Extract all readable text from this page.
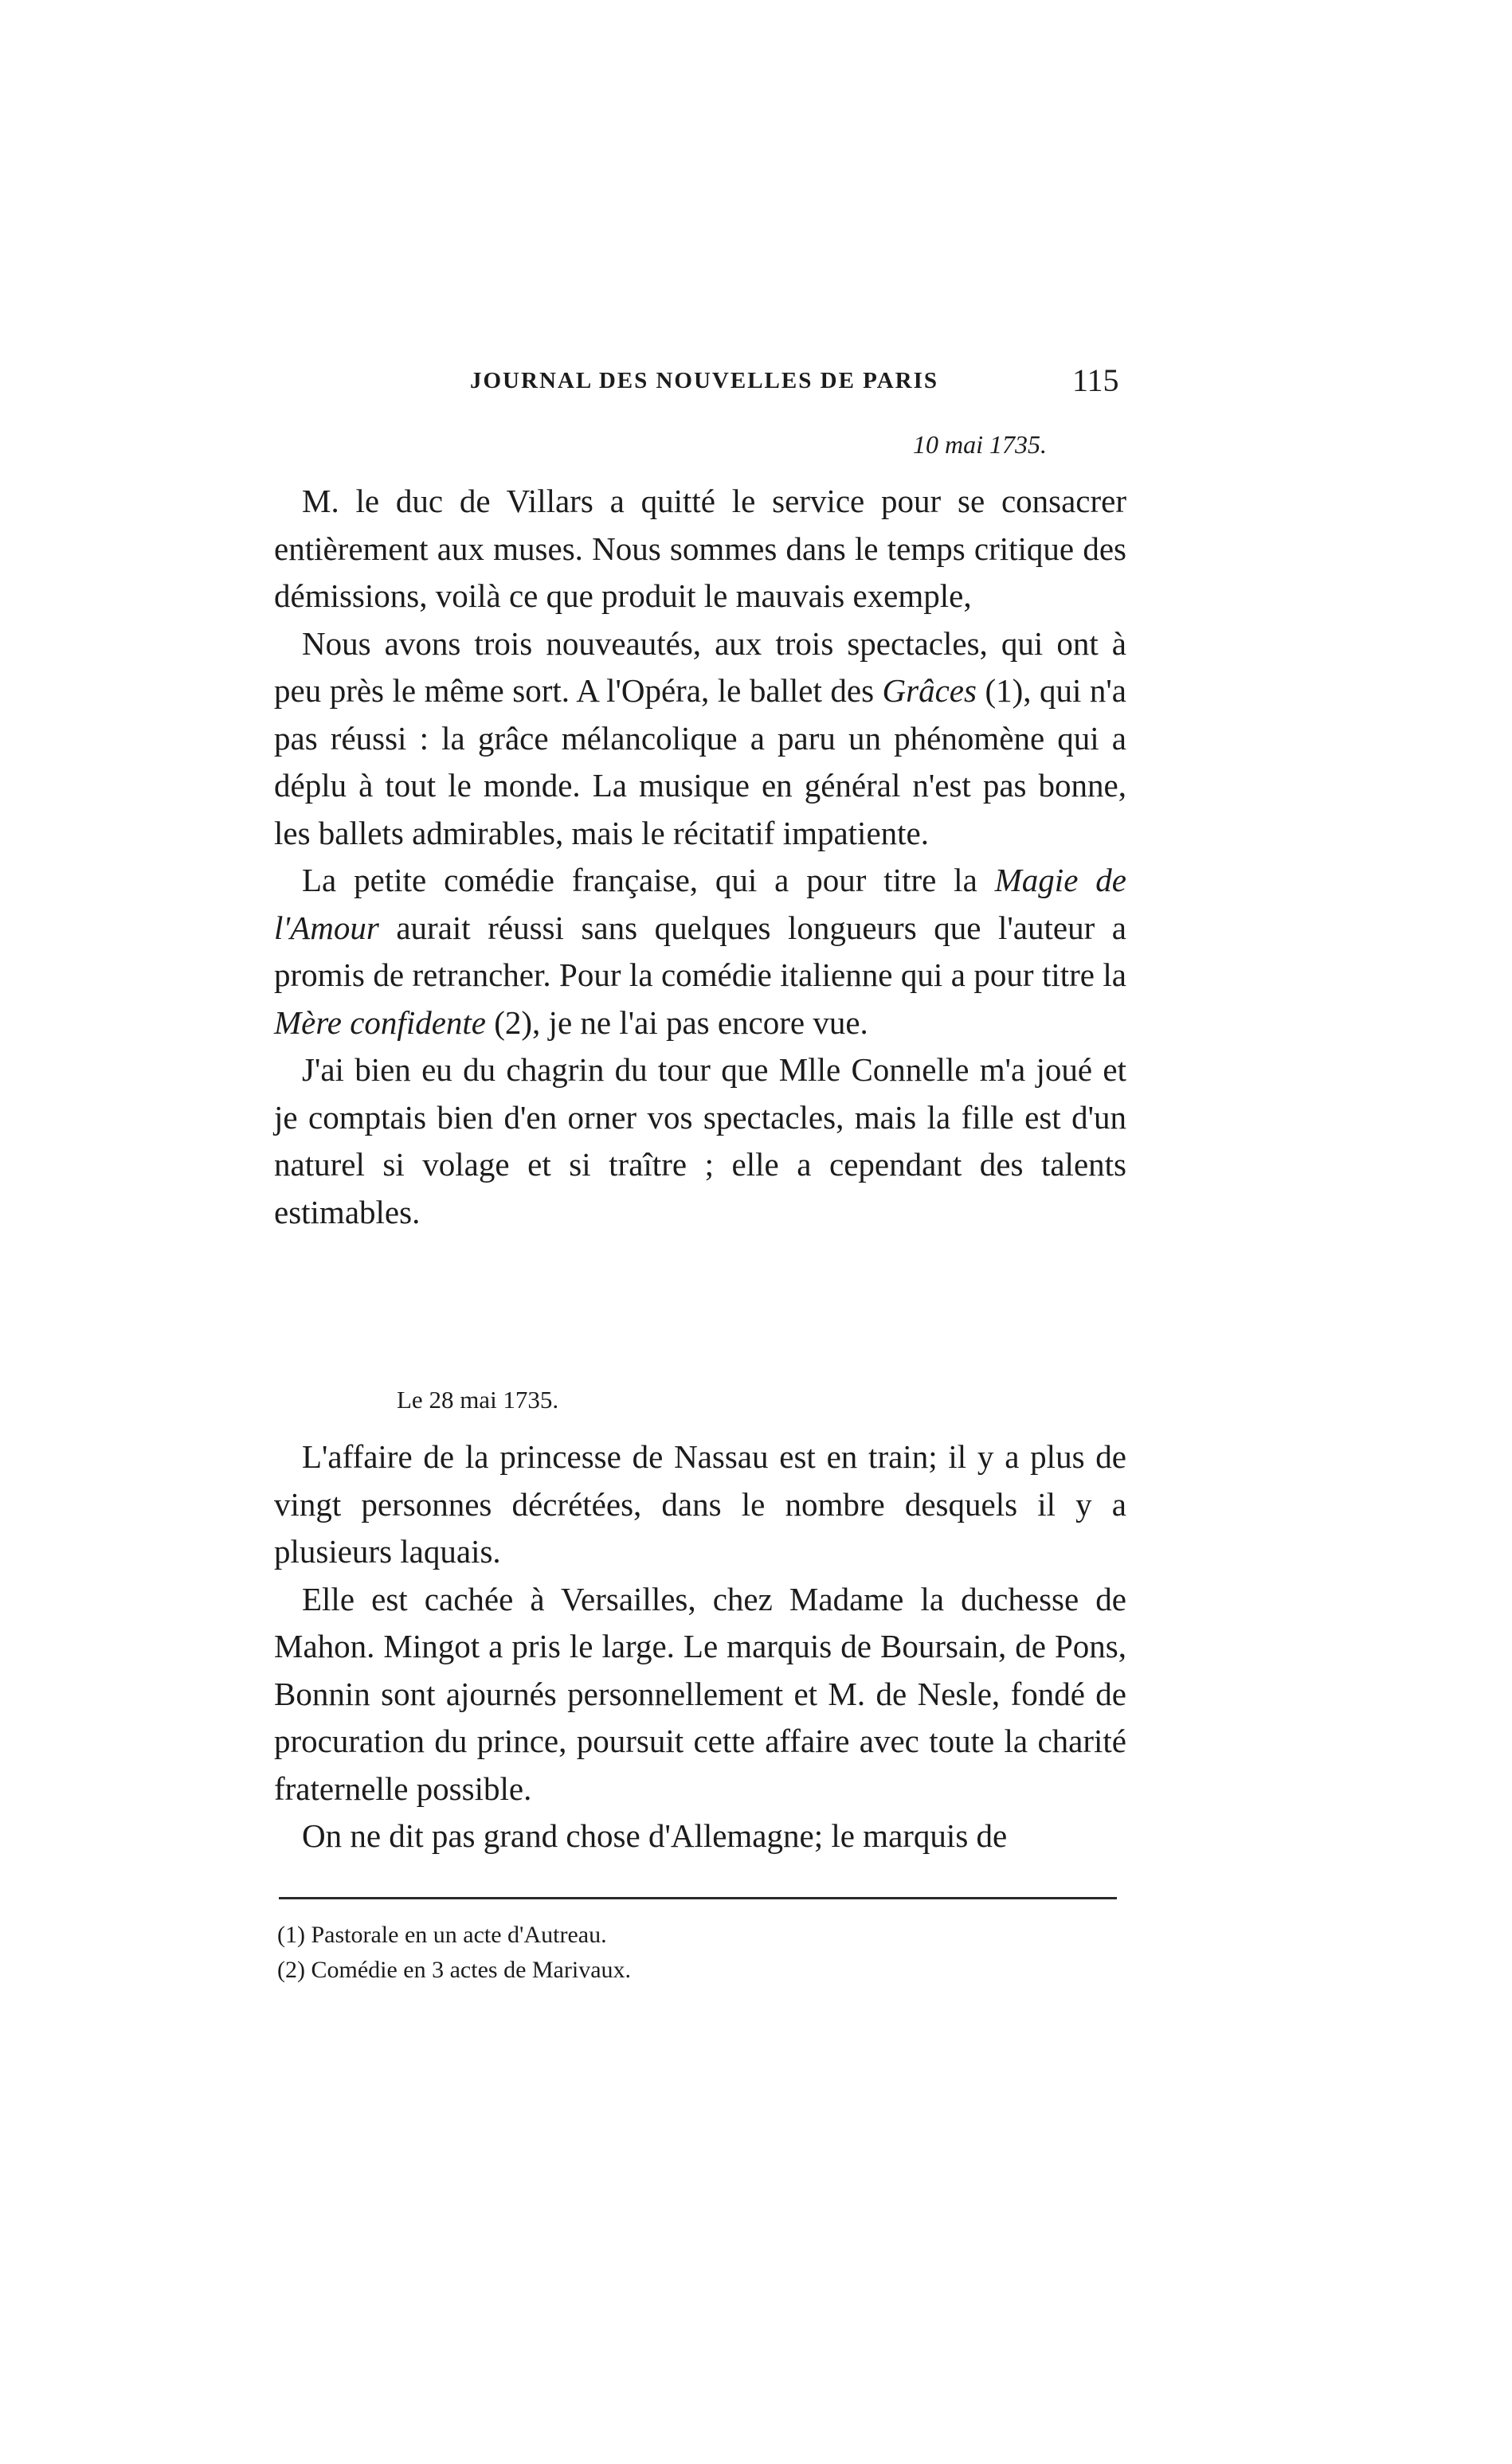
JOURNAL DES NOUVELLES DE PARIS	115
10 mai 1735.

M. le duc de Villars a quitté le service pour se consacrer entièrement aux muses. Nous sommes dans le temps critique des démissions, voilà ce que produit le mauvais exemple,

Nous avons trois nouveautés, aux trois spectacles, qui ont à peu près le même sort. A l'Opéra, le ballet des Grâces (1), qui n'a pas réussi : la grâce mélancolique a paru un phénomène qui a déplu à tout le monde. La musique en général n'est pas bonne, les ballets admirables, mais le récitatif impatiente.

La petite comédie française, qui a pour titre la Magie de l'Amour aurait réussi sans quelques longueurs que l'auteur a promis de retrancher. Pour la comédie italienne qui a pour titre la Mère confidente (2), je ne l'ai pas encore vue.

J'ai bien eu du chagrin du tour que Mlle Connelle m'a joué et je comptais bien d'en orner vos spectacles, mais la fille est d'un naturel si volage et si traître ; elle a cependant des talents estimables.

Le 28 mai 1735.

L'affaire de la princesse de Nassau est en train; il y a plus de vingt personnes décrétées, dans le nombre desquels il y a plusieurs laquais.

Elle est cachée à Versailles, chez Madame la duchesse de Mahon. Mingot a pris le large. Le marquis de Boursain, de Pons, Bonnin sont ajournés personnellement et M. de Nesle, fondé de procuration du prince, poursuit cette affaire avec toute la charité fraternelle possible.

On ne dit pas grand chose d'Allemagne; le marquis de

(1) Pastorale en un acte d'Autreau.
(2) Comédie en 3 actes de Marivaux.
